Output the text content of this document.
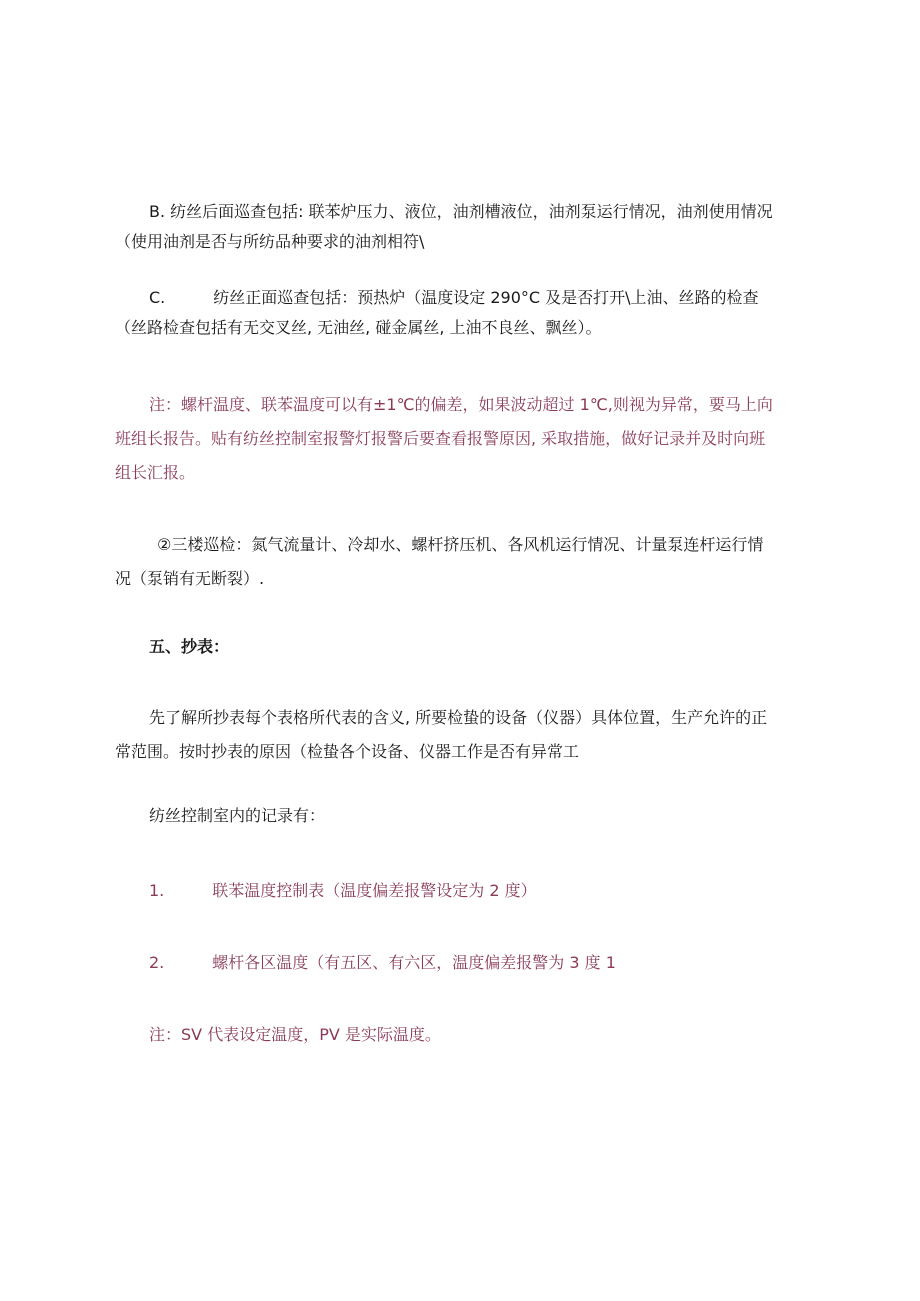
B. 纺丝后面巡查包括: 联苯炉压力、液位，油剂槽液位，油剂泵运行情况，油剂使用情况
（使用油剂是否与所纺品种要求的油剂相符\
C.	纺丝正面巡查包括：预热炉（温度设定 290°C 及是否打开\上油、丝路的检查
（丝路检查包括有无交叉丝, 无油丝, 碰金属丝, 上油不良丝、飘丝）。
注：螺杆温度、联苯温度可以有±1℃的偏差，如果波动超过 1℃,则视为异常，要马上向
班组长报告。贴有纺丝控制室报警灯报警后要查看报警原因, 采取措施，做好记录并及时向班
组长汇报。
②三楼巡检：氮气流量计、冷却水、螺杆挤压机、各风机运行情况、计量泵连杆运行情
况（泵销有无断裂）.
五、抄表：
先了解所抄表每个表格所代表的含义, 所要检蛰的设备（仪器）具体位置，生产允许的正
常范围。按时抄表的原因（检蛰各个设备、仪器工作是否有异常工
纺丝控制室内的记录有：
1.	联苯温度控制表（温度偏差报警设定为 2 度）
2.	螺杆各区温度（有五区、有六区，温度偏差报警为 3 度 1
注：SV 代表设定温度，PV 是实际温度。
